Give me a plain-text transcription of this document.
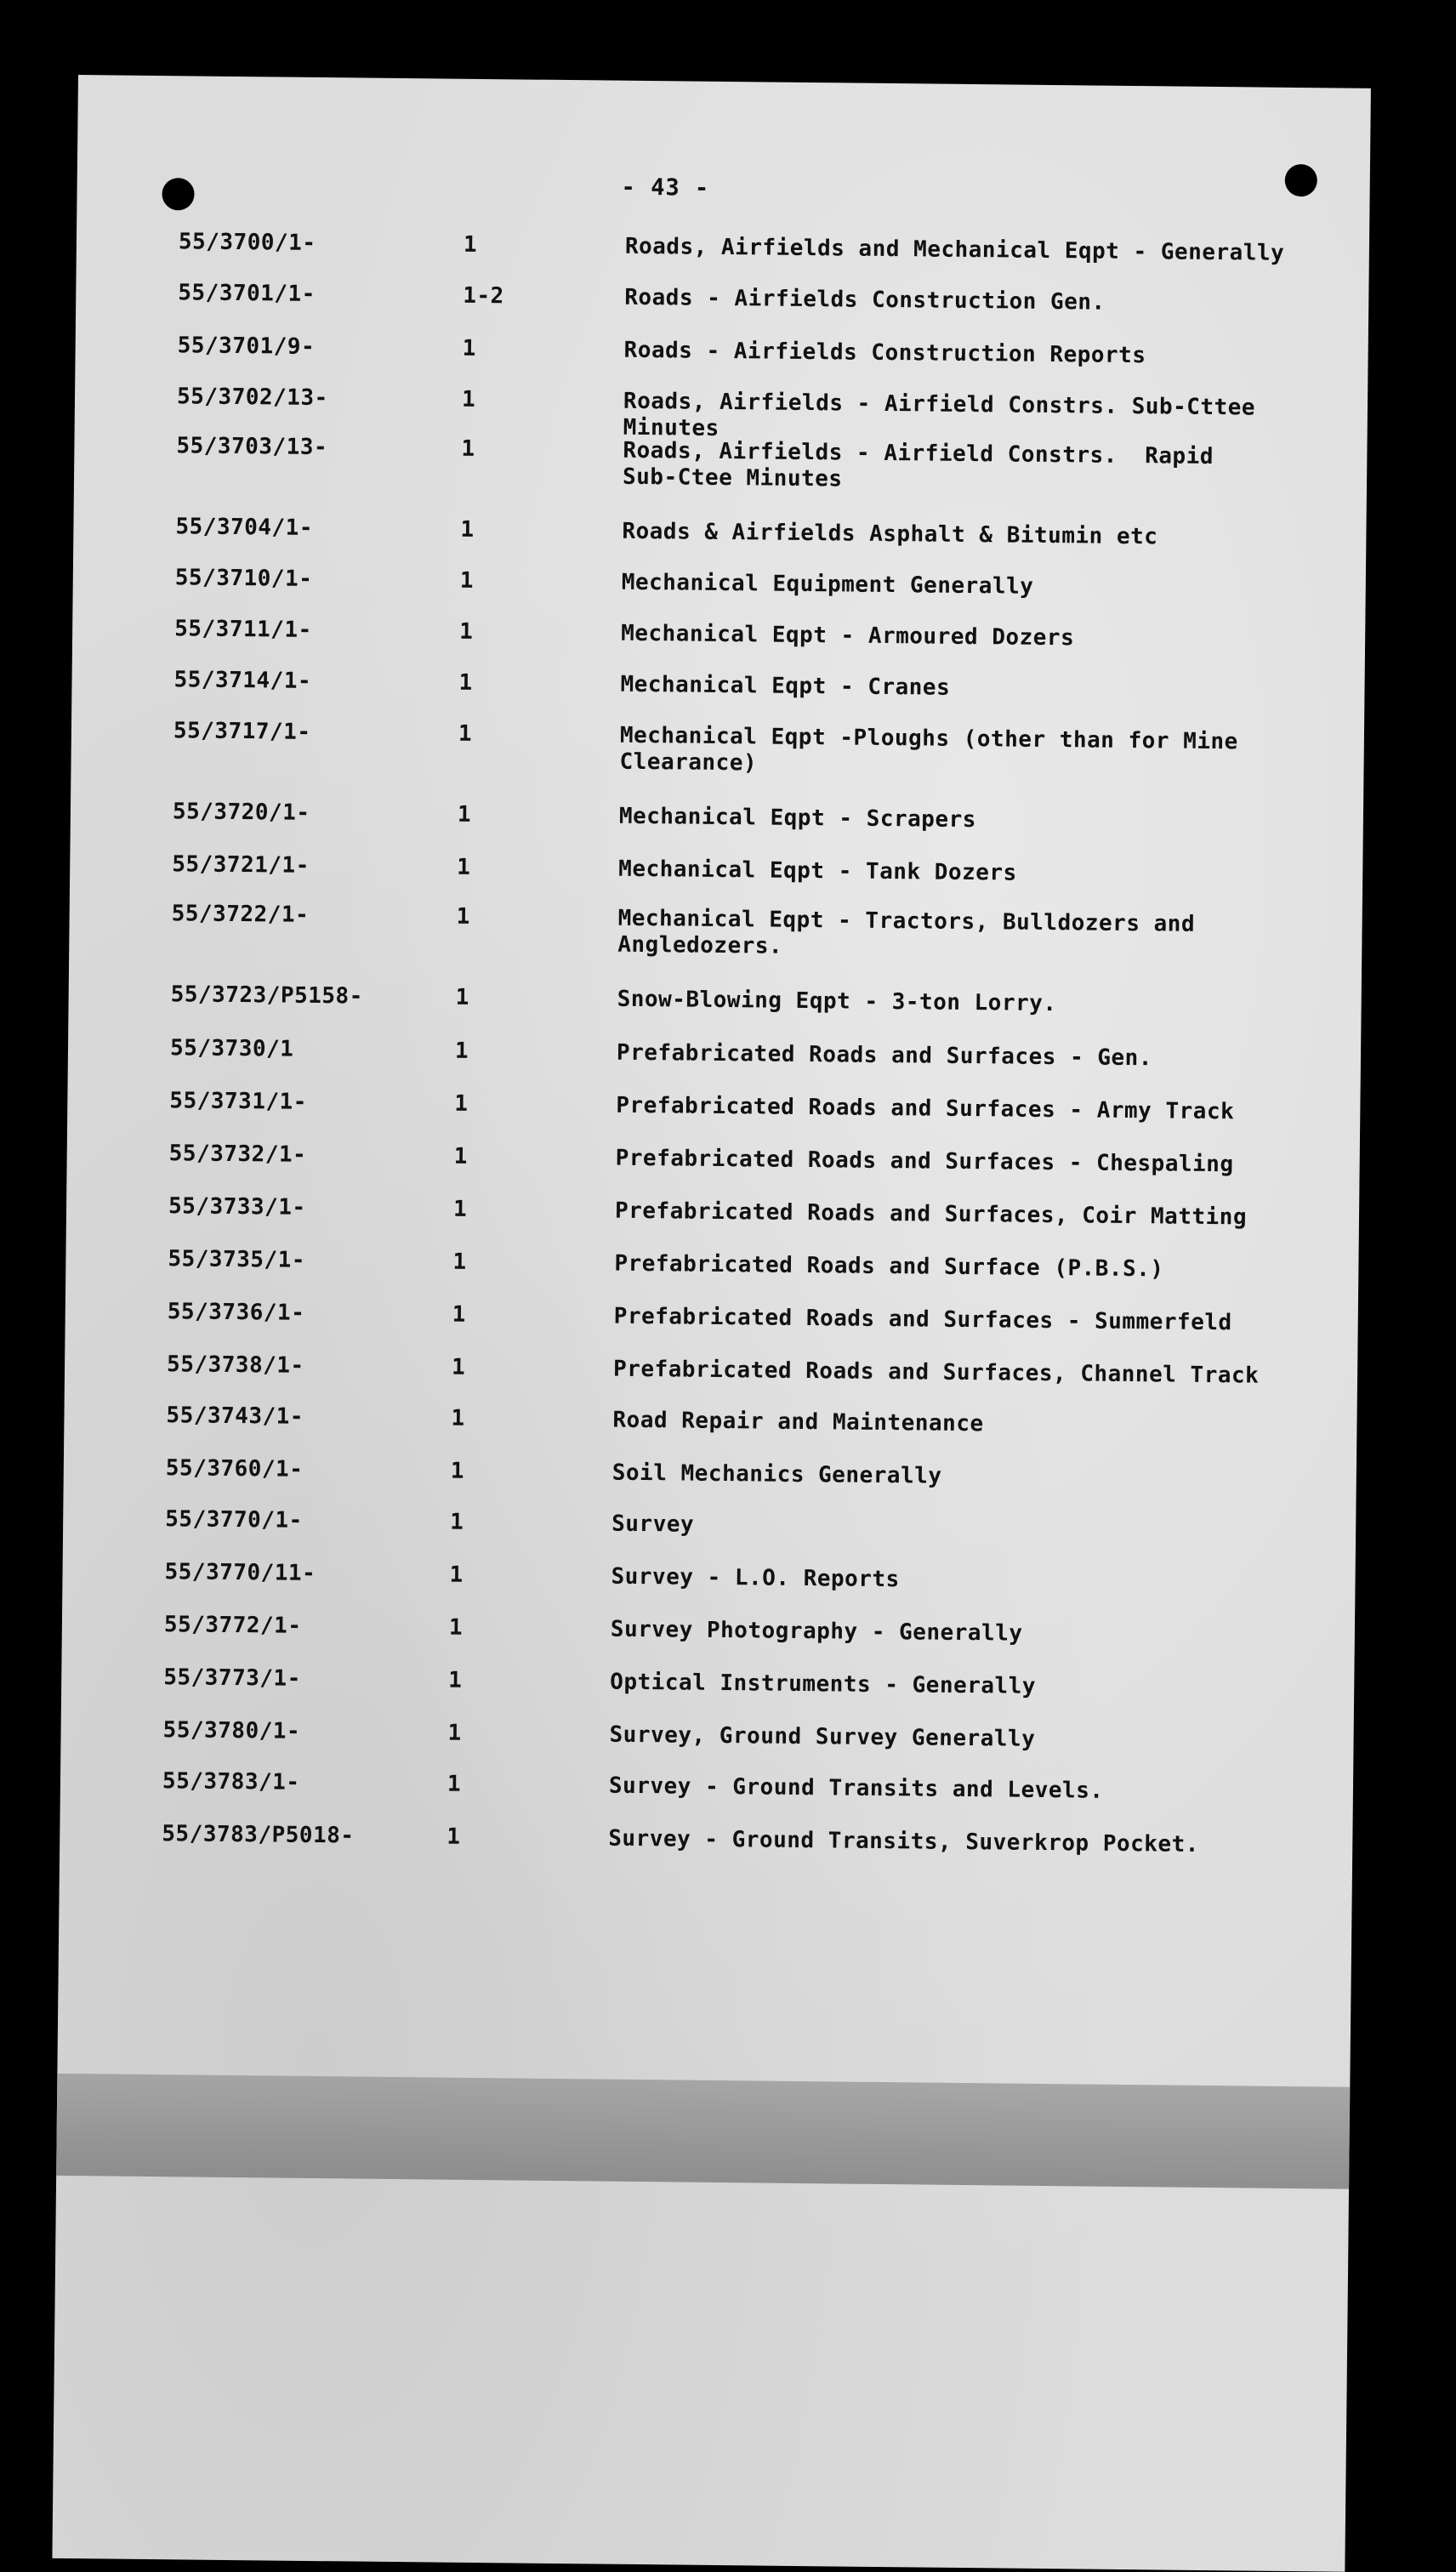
- 43 -
55/3700/1-	1	Roads, Airfields and Mechanical Eqpt - Generally
55/3701/1-	1-2	Roads - Airfields Construction Gen.
55/3701/9-	1	Roads - Airfields Construction Reports
55/3702/13-	1	Roads, Airfields - Airfield Constrs. Sub-Cttee Minutes
55/3703/13-	1	Roads, Airfields - Airfield Constrs.  Rapid
Sub-Ctee Minutes
55/3704/1-	1	Roads & Airfields Asphalt & Bitumin etc
55/3710/1-	1	Mechanical Equipment Generally
55/3711/1-	1	Mechanical Eqpt - Armoured Dozers
55/3714/1-	1	Mechanical Eqpt - Cranes
55/3717/1-	1	Mechanical Eqpt -Ploughs (other than for Mine
Clearance)
55/3720/1-	1	Mechanical Eqpt - Scrapers
55/3721/1-	1	Mechanical Eqpt - Tank Dozers
55/3722/1-	1	Mechanical Eqpt - Tractors, Bulldozers and
Angledozers.
55/3723/P5158-	1	Snow-Blowing Eqpt - 3-ton Lorry.
55/3730/1	1	Prefabricated Roads and Surfaces - Gen.
55/3731/1-	1	Prefabricated Roads and Surfaces - Army Track
55/3732/1-	1	Prefabricated Roads and Surfaces - Chespaling
55/3733/1-	1	Prefabricated Roads and Surfaces, Coir Matting
55/3735/1-	1	Prefabricated Roads and Surface (P.B.S.)
55/3736/1-	1	Prefabricated Roads and Surfaces - Summerfeld
55/3738/1-	1	Prefabricated Roads and Surfaces, Channel Track
55/3743/1-	1	Road Repair and Maintenance
55/3760/1-	1	Soil Mechanics Generally
55/3770/1-	1	Survey
55/3770/11-	1	Survey - L.O. Reports
55/3772/1-	1	Survey Photography - Generally
55/3773/1-	1	Optical Instruments - Generally
55/3780/1-	1	Survey, Ground Survey Generally
55/3783/1-	1	Survey - Ground Transits and Levels.
55/3783/P5018-	1	Survey - Ground Transits, Suverkrop Pocket.
